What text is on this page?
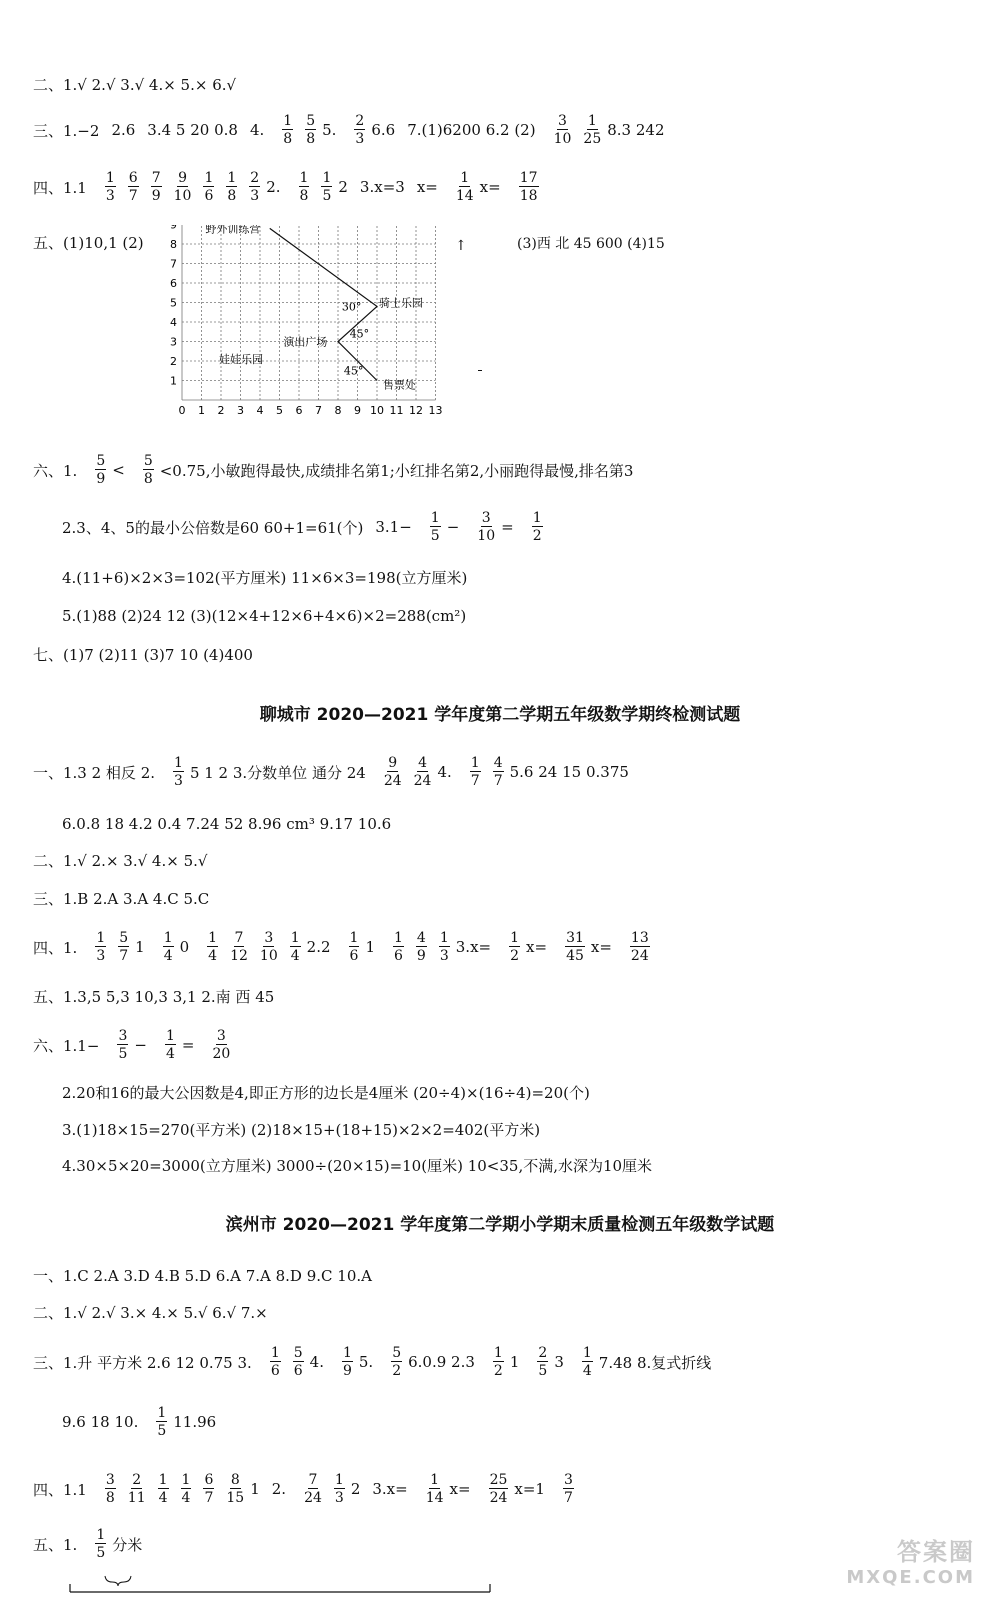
二、1.√ 2.√ 3.√ 4.× 5.× 6.√
三、1.−2 2.6 3.4 5 20 0.8 4. $\frac{1}{8} \frac{5}{8} 5$. $\frac{2}{3} 6.6$ 7.(1)6200 6.2 $(2) \frac{3}{10} \frac{1}{25} 8.3$ 242
四、$1.1 \frac{1}{3} \frac{6}{7} \frac{7}{9} \frac{9}{10} \frac{1}{6} \frac{1}{8} \frac{2}{3} 2$. $\frac{1}{8} \frac{1}{5} 2$ 3.x=3 $x= \frac{1}{14} x= \frac{17}{18}$
五、(1)10,1 (2)	(3)西 北 45 600 (4)15
0 1 2 3 4 5 6 7 8 9 10 11 12 13
1
2
3
4
5
6
7
8
9	野外训练营
骑士乐园
演出广场
娃娃乐园
售票处
30°
45°
45°
六、1. $\frac{5}{9} < \frac{5}{8} <0.75$,小敏跑得最快,成绩排名第1;小红排名第2,小丽跑得最慢,排名第3
2.3、4、5的最小公倍数是60 60+1=61(个) $3.1- \frac{1}{5} - \frac{3}{10} = \frac{1}{2}$
4.(11+6)×2×3=102(平方厘米) 11×6×3=198(立方厘米)
5.(1)88 (2)24 12 (3)(12×4+12×6+4×6)×2=288(cm²)
七、(1)7 (2)11 (3)7 10 (4)400
聊城市 2020—2021 学年度第二学期五年级数学期终检测试题
一、1.3 2 相反 2. $\frac{1}{3} 5$ 1 2 3.分数单位 通分 $24 \frac{9}{24} \frac{4}{24} 4$. $\frac{1}{7} \frac{4}{7} 5.6$ 24 15 0.375
6.0.8 18 4.2 0.4 7.24 52 8.96 cm³ 9.17 10.6
二、1.√ 2.× 3.√ 4.× 5.√
三、1.B 2.A 3.A 4.C 5.C
四、1. $\frac{1}{3} \frac{5}{7} 1 \frac{1}{4} 0 \frac{1}{4} \frac{7}{12} \frac{3}{10} \frac{1}{4} 2.2 \frac{1}{6} 1 \frac{1}{6} \frac{4}{9} \frac{1}{3} 3.x= \frac{1}{2} x= \frac{31}{45} x= \frac{13}{24}$
五、1.3,5 5,3 10,3 3,1 2.南 西 45
六、$1.1- \frac{3}{5} - \frac{1}{4} = \frac{3}{20}$
2.20和16的最大公因数是4,即正方形的边长是4厘米 (20÷4)×(16÷4)=20(个)
3.(1)18×15=270(平方米) (2)18×15+(18+15)×2×2=402(平方米)
4.30×5×20=3000(立方厘米) 3000÷(20×15)=10(厘米) 10<35,不满,水深为10厘米
滨州市 2020—2021 学年度第二学期小学期末质量检测五年级数学试题
一、1.C 2.A 3.D 4.B 5.D 6.A 7.A 8.D 9.C 10.A
二、1.√ 2.√ 3.× 4.× 5.√ 6.√ 7.×
三、1.升 平方米 2.6 12 0.75 3. $\frac{1}{6} \frac{5}{6} 4$. $\frac{1}{9} 5$. $\frac{5}{2} 6.0.9$ $2.3 \frac{1}{2} 1 \frac{2}{5} 3 \frac{1}{4} 7.48$ 8.复式折线
9.6 18 10. $\frac{1}{5} 11.96$
四、$1.1 \frac{3}{8} \frac{2}{11} \frac{1}{4} \frac{1}{4} \frac{6}{7} \frac{8}{15} 1$ 2. $\frac{7}{24} \frac{1}{3} 2$ $3.x= \frac{1}{14} x= \frac{25}{24} x=1 \frac{3}{7}$
五、1. $\frac{1}{5}$ 分米	答案圈
MXQE.COM
↑
